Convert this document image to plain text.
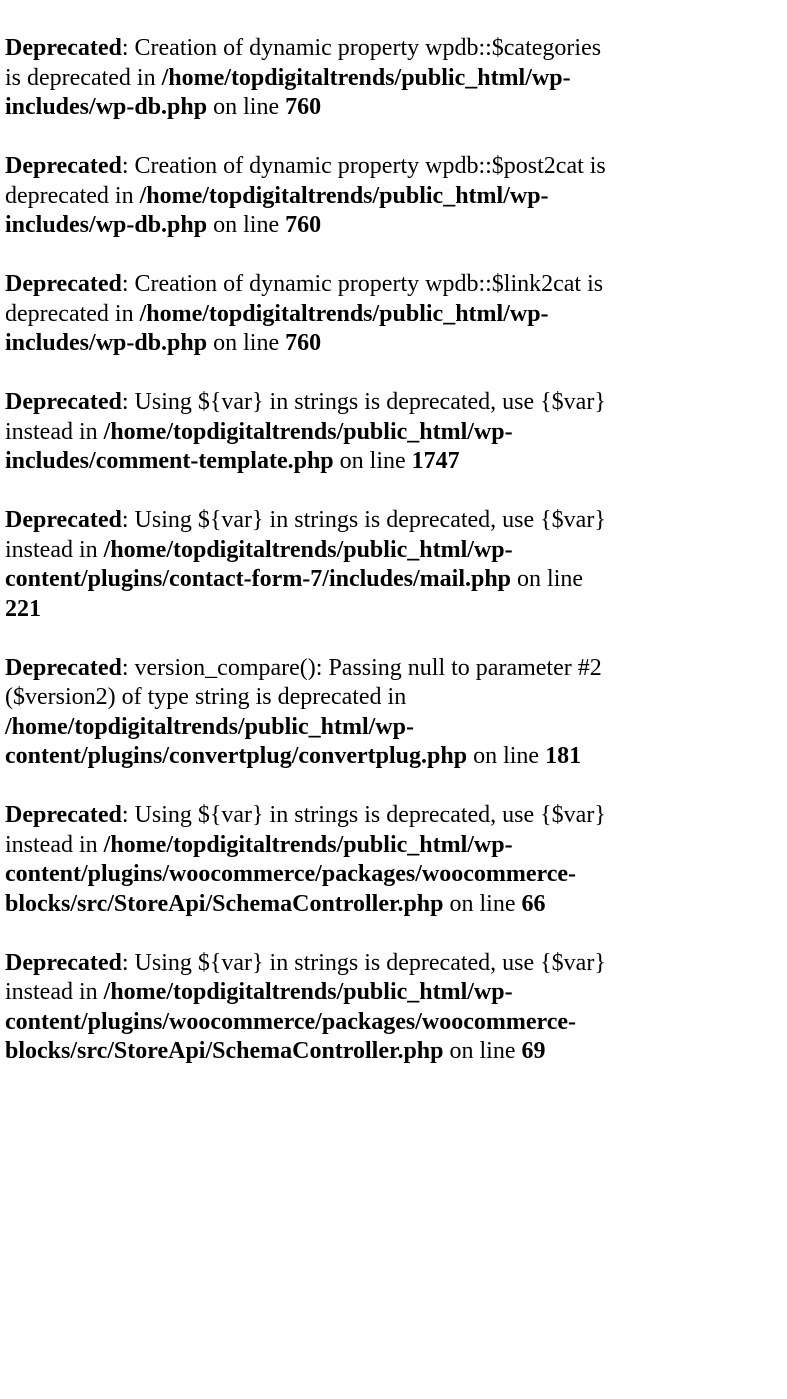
Deprecated: Creation of dynamic property wpdb::$categories is deprecated in /home/topdigitaltrends/public_html/wp-includes/wp-db.php on line 760

Deprecated: Creation of dynamic property wpdb::$post2cat is deprecated in /home/topdigitaltrends/public_html/wp-includes/wp-db.php on line 760

Deprecated: Creation of dynamic property wpdb::$link2cat is deprecated in /home/topdigitaltrends/public_html/wp-includes/wp-db.php on line 760

Deprecated: Using ${var} in strings is deprecated, use {$var} instead in /home/topdigitaltrends/public_html/wp-includes/comment-template.php on line 1747

Deprecated: Using ${var} in strings is deprecated, use {$var} instead in /home/topdigitaltrends/public_html/wp-content/plugins/contact-form-7/includes/mail.php on line 221

Deprecated: version_compare(): Passing null to parameter #2 ($version2) of type string is deprecated in /home/topdigitaltrends/public_html/wp-content/plugins/convertplug/convertplug.php on line 181

Deprecated: Using ${var} in strings is deprecated, use {$var} instead in /home/topdigitaltrends/public_html/wp-content/plugins/woocommerce/packages/woocommerce-blocks/src/StoreApi/SchemaController.php on line 66

Deprecated: Using ${var} in strings is deprecated, use {$var} instead in /home/topdigitaltrends/public_html/wp-content/plugins/woocommerce/packages/woocommerce-blocks/src/StoreApi/SchemaController.php on line 69
